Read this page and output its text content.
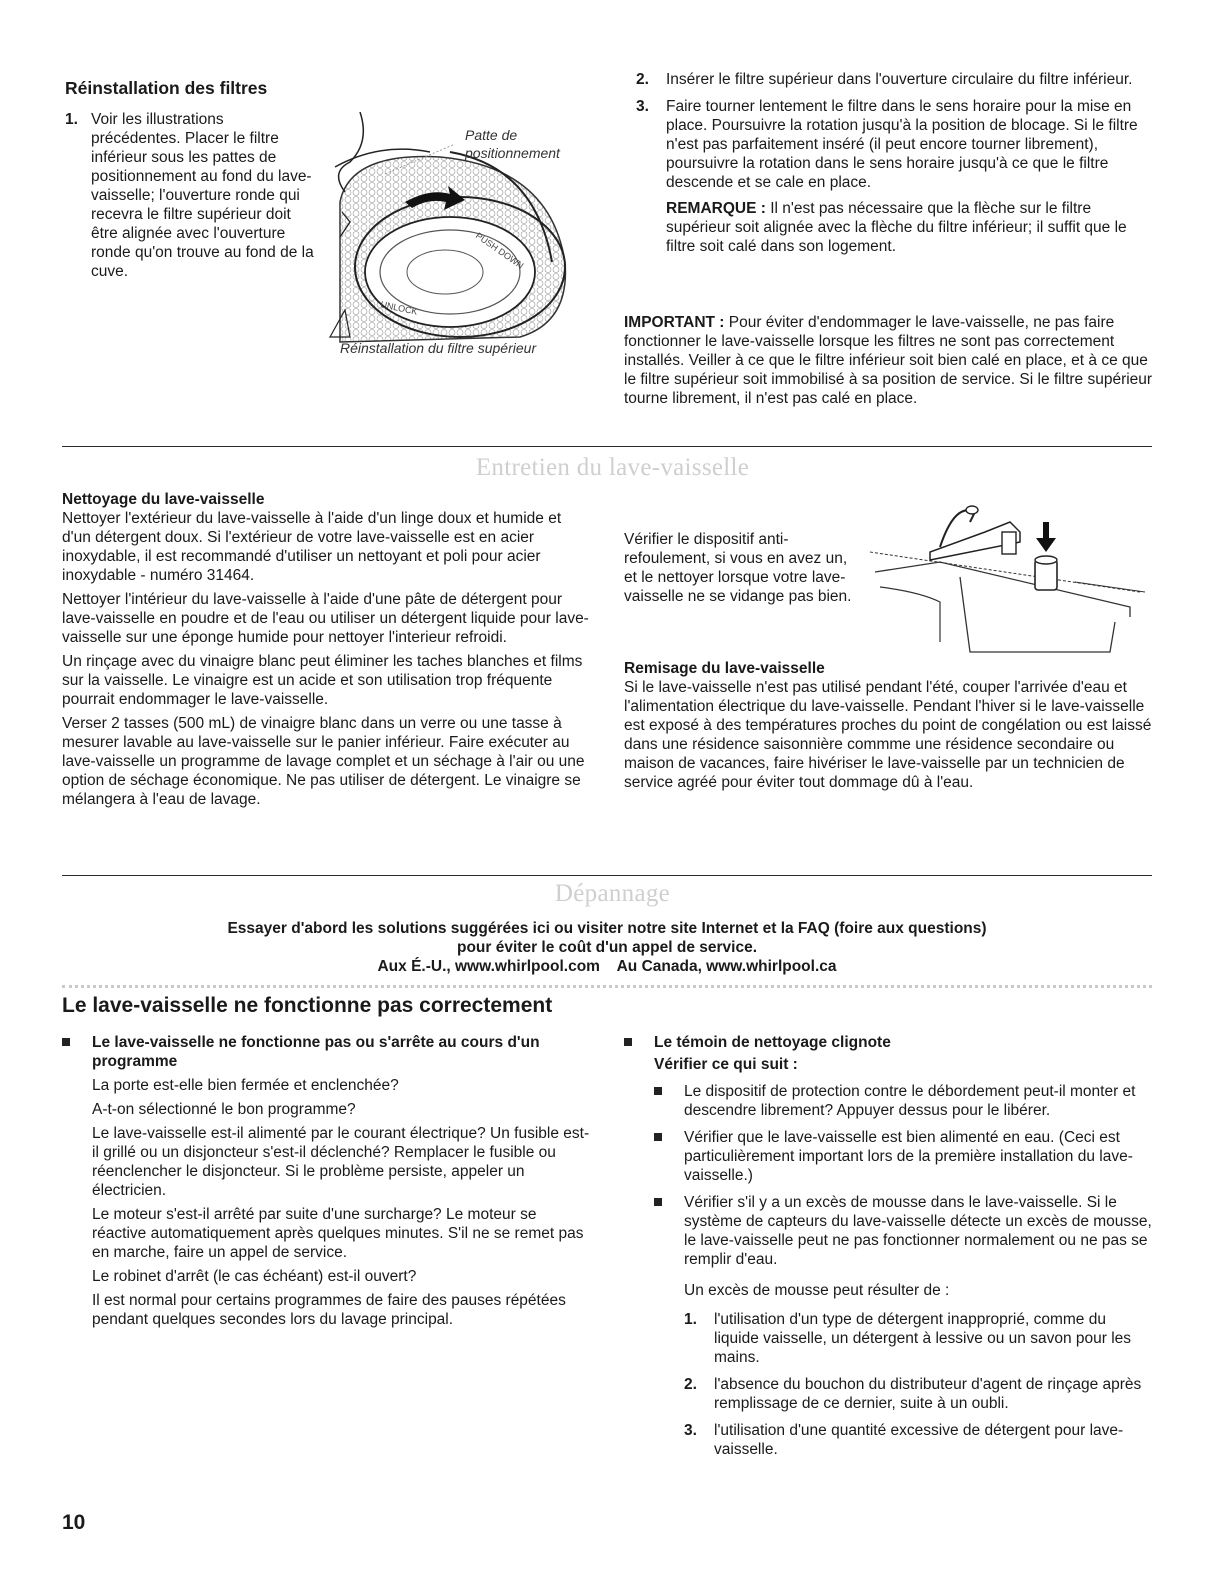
Réinstallation des filtres
1. Voir les illustrations précédentes. Placer le filtre inférieur sous les pattes de positionnement au fond du lave-vaisselle; l'ouverture ronde qui recevra le filtre supérieur doit être alignée avec l'ouverture ronde qu'on trouve au fond de la cuve.

PUSH DOWN
UNLOCK
Patte de
positionnement
Réinstallation du filtre supérieur
2. Insérer le filtre supérieur dans l'ouverture circulaire du filtre inférieur.

3. Faire tourner lentement le filtre dans le sens horaire pour la mise en place. Poursuivre la rotation jusqu'à la position de blocage. Si le filtre n'est pas parfaitement inséré (il peut encore tourner librement), poursuivre la rotation dans le sens horaire jusqu'à ce que le filtre descende et se cale en place.

REMARQUE : Il n'est pas nécessaire que la flèche sur le filtre supérieur soit alignée avec la flèche du filtre inférieur; il suffit que le filtre soit calé dans son logement.

IMPORTANT : Pour éviter d'endommager le lave-vaisselle, ne pas faire fonctionner le lave-vaisselle lorsque les filtres ne sont pas correctement installés. Veiller à ce que le filtre inférieur soit bien calé en place, et à ce que le filtre supérieur soit immobilisé à sa position de service. Si le filtre supérieur tourne librement, il n'est pas calé en place.

Entretien du lave-vaisselle
Nettoyage du lave-vaisselle

Nettoyer l'extérieur du lave-vaisselle à l'aide d'un linge doux et humide et d'un détergent doux. Si l'extérieur de votre lave-vaisselle est en acier inoxydable, il est recommandé d'utiliser un nettoyant et poli pour acier inoxydable - numéro 31464.

Nettoyer l'intérieur du lave-vaisselle à l'aide d'une pâte de détergent pour lave-vaisselle en poudre et de l'eau ou utiliser un détergent liquide pour lave-vaisselle sur une éponge humide pour nettoyer l'interieur refroidi.

Un rinçage avec du vinaigre blanc peut éliminer les taches blanches et films sur la vaisselle. Le vinaigre est un acide et son utilisation trop fréquente pourrait endommager le lave-vaisselle.

Verser 2 tasses (500 mL) de vinaigre blanc dans un verre ou une tasse à mesurer lavable au lave-vaisselle sur le panier inférieur. Faire exécuter au lave-vaisselle un programme de lavage complet et un séchage à l'air ou une option de séchage économique. Ne pas utiliser de détergent. Le vinaigre se mélangera à l'eau de lavage.

Vérifier le dispositif anti-refoulement, si vous en avez un, et le nettoyer lorsque votre lave-vaisselle ne se vidange pas bien.

Remisage du lave-vaisselle

Si le lave-vaisselle n'est pas utilisé pendant l'été, couper l'arrivée d'eau et l'alimentation électrique du lave-vaisselle. Pendant l'hiver si le lave-vaisselle est exposé à des températures proches du point de congélation ou est laissé dans une résidence saisonnière commme une résidence secondaire ou maison de vacances, faire hivériser le lave-vaisselle par un technicien de service agréé pour éviter tout dommage dû à l'eau.

Dépannage
Essayer d'abord les solutions suggérées ici ou visiter notre site Internet et la FAQ (foire aux questions)
pour éviter le coût d'un appel de service.
Aux É.-U., www.whirlpool.com Au Canada, www.whirlpool.ca
Le lave-vaisselle ne fonctionne pas correctement
Le lave-vaisselle ne fonctionne pas ou s'arrête au cours d'un programme

La porte est-elle bien fermée et enclenchée?

A-t-on sélectionné le bon programme?

Le lave-vaisselle est-il alimenté par le courant électrique? Un fusible est-il grillé ou un disjoncteur s'est-il déclenché? Remplacer le fusible ou réenclencher le disjoncteur. Si le problème persiste, appeler un électricien.

Le moteur s'est-il arrêté par suite d'une surcharge? Le moteur se réactive automatiquement après quelques minutes. S'il ne se remet pas en marche, faire un appel de service.

Le robinet d'arrêt (le cas échéant) est-il ouvert?

Il est normal pour certains programmes de faire des pauses répétées pendant quelques secondes lors du lavage principal.

Le témoin de nettoyage clignote
Vérifier ce qui suit :

Le dispositif de protection contre le débordement peut-il monter et descendre librement? Appuyer dessus pour le libérer.

Vérifier que le lave-vaisselle est bien alimenté en eau. (Ceci est particulièrement important lors de la première installation du lave-vaisselle.)

Vérifier s'il y a un excès de mousse dans le lave-vaisselle. Si le système de capteurs du lave-vaisselle détecte un excès de mousse, le lave-vaisselle peut ne pas fonctionner normalement ou ne pas se remplir d'eau.

Un excès de mousse peut résulter de :

1. l'utilisation d'un type de détergent inapproprié, comme du liquide vaisselle, un détergent à lessive ou un savon pour les mains.
2. l'absence du bouchon du distributeur d'agent de rinçage après remplissage de ce dernier, suite à un oubli.
3. l'utilisation d'une quantité excessive de détergent pour lave-vaisselle.
10
